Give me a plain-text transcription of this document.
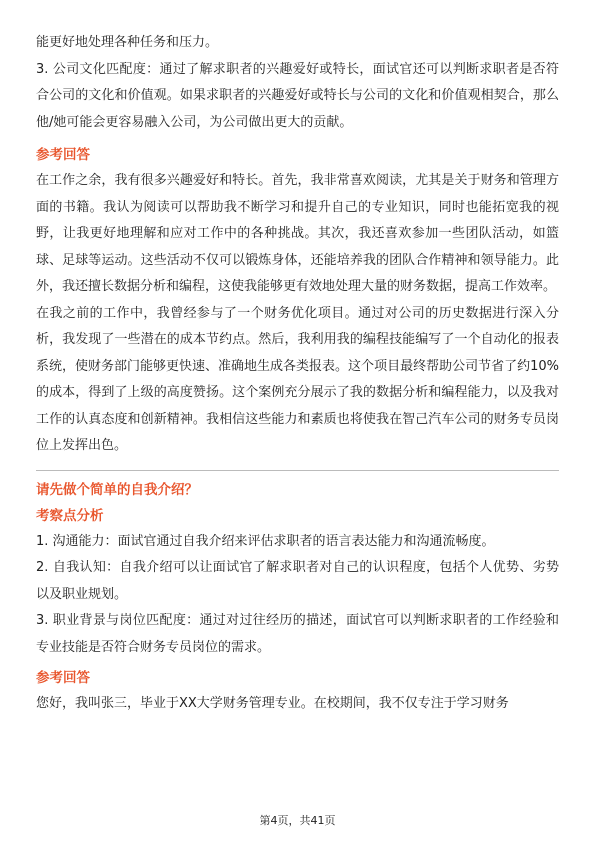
能更好地处理各种任务和压力。

3. 公司文化匹配度：通过了解求职者的兴趣爱好或特长，面试官还可以判断求职者是否符合公司的文化和价值观。如果求职者的兴趣爱好或特长与公司的文化和价值观相契合，那么他/她可能会更容易融入公司，为公司做出更大的贡献。

参考回答

在工作之余，我有很多兴趣爱好和特长。首先，我非常喜欢阅读，尤其是关于财务和管理方面的书籍。我认为阅读可以帮助我不断学习和提升自己的专业知识，同时也能拓宽我的视野，让我更好地理解和应对工作中的各种挑战。其次，我还喜欢参加一些团队活动，如篮球、足球等运动。这些活动不仅可以锻炼身体，还能培养我的团队合作精神和领导能力。此外，我还擅长数据分析和编程，这使我能够更有效地处理大量的财务数据，提高工作效率。

在我之前的工作中，我曾经参与了一个财务优化项目。通过对公司的历史数据进行深入分析，我发现了一些潜在的成本节约点。然后，我利用我的编程技能编写了一个自动化的报表系统，使财务部门能够更快速、准确地生成各类报表。这个项目最终帮助公司节省了约10%的成本，得到了上级的高度赞扬。这个案例充分展示了我的数据分析和编程能力，以及我对工作的认真态度和创新精神。我相信这些能力和素质也将使我在智己汽车公司的财务专员岗位上发挥出色。

请先做个简单的自我介绍？

考察点分析

1. 沟通能力：面试官通过自我介绍来评估求职者的语言表达能力和沟通流畅度。

2. 自我认知：自我介绍可以让面试官了解求职者对自己的认识程度，包括个人优势、劣势以及职业规划。

3. 职业背景与岗位匹配度：通过对过往经历的描述，面试官可以判断求职者的工作经验和专业技能是否符合财务专员岗位的需求。

参考回答

您好，我叫张三，毕业于XX大学财务管理专业。在校期间，我不仅专注于学习财务

第4页，共41页
